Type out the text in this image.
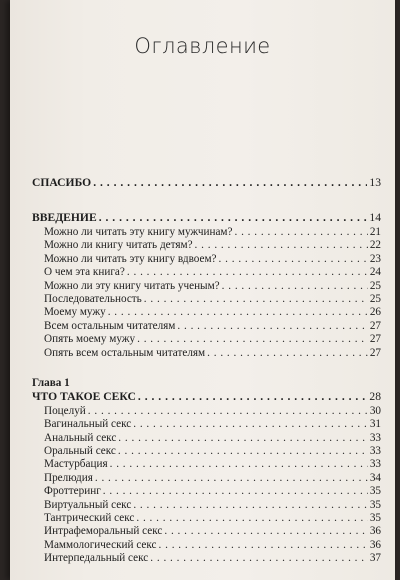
Оглавление
СПАСИБО . . .	13
ВВЕДЕНИЕ . . .	14
Можно ли читать эту книгу мужчинам? . . .	21
Можно ли книгу читать детям? . . .	22
Можно ли читать эту книгу вдвоем? . . .	23
О чем эта книга? . . .	24
Можно ли эту книгу читать ученым? . . .	25
Последовательность . . .	25
Моему мужу . . .	26
Всем остальным читателям . . .	27
Опять моему мужу . . .	27
Опять всем остальным читателям . . .	27
Глава 1
ЧТО ТАКОЕ СЕКС . . .	28
Поцелуй . . .	30
Вагинальный секс . . .	31
Анальный секс . . .	33
Оральный секс . . .	33
Мастурбация . . .	33
Прелюдия . . .	34
Фроттеринг . . .	35
Виртуальный секс . . .	35
Тантрический секс . . .	35
Интрафеморальный секс . . .	36
Маммологический секс . . .	36
Интерпедальный секс . . .	37
